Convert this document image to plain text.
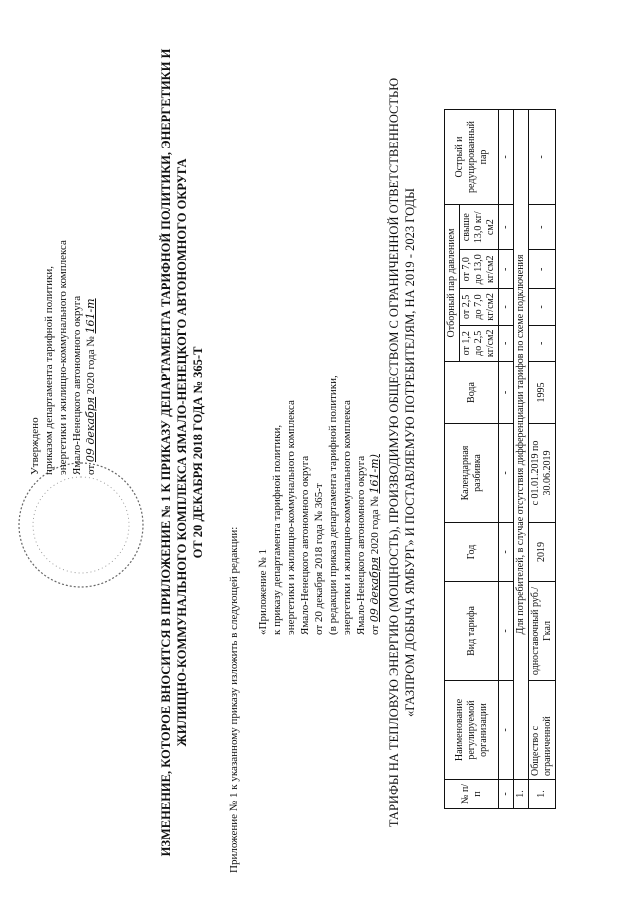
Утверждено приказом департамента тарифной политики, энергетики и жилищно-коммунального комплекса Ямало-Ненецкого автономного округа от 09 декабря 2020 года № 161-т	ИЗМЕНЕНИЕ, КОТОРОЕ ВНОСИТСЯ В ПРИЛОЖЕНИЕ № 1 К ПРИКАЗУ ДЕПАРТАМЕНТА ТАРИФНОЙ ПОЛИТИКИ, ЭНЕРГЕТИКИ И ЖИЛИЩНО-КОММУНАЛЬНОГО КОМПЛЕКСА ЯМАЛО-НЕНЕЦКОГО АВТОНОМНОГО ОКРУГА ОТ 20 ДЕКАБРЯ 2018 ГОДА № 365-Т
Приложение № 1 к указанному приказу изложить в следующей редакции: «Приложение № 1 к приказу департамента тарифной политики, энергетики и жилищно-коммунального комплекса Ямало-Ненецкого автономного округа от 20 декабря 2018 года № 365-т (в редакции приказа департамента тарифной политики, энергетики и жилищно-коммунального комплекса Ямало-Ненецкого автономного округа от 09 декабря 2020 года № 161-т) ТАРИФЫ НА ТЕПЛОВУЮ ЭНЕРГИЮ (МОЩНОСТЬ), ПРОИЗВОДИМУЮ ОБЩЕСТВОМ С ОГРАНИЧЕННОЙ ОТВЕТСТВЕННОСТЬЮ «ГАЗПРОМ ДОБЫЧА ЯМБУРГ» И ПОСТАВЛЯЕМУЮ ПОТРЕБИТЕЛЯМ, НА 2019 - 2023 ГОДЫ
№ п/п	Наименование регулируемой организации	Вид тарифа	Год	Календарная разбивка	Вода	Отборный пар давлением				Острый и редуцированный пар
						от 1,2 до 2,5 кг/см2	от 2,5 до 7,0 кг/см2	от 7,0 до 13,0 кг/см2	свыше 13,0 кг/см2	
-	-	-	-	-	-	-	-	-	-	-
1.	Для потребителей, в случае отсутствия дифференциации тарифов по схеме подключения									
1.	Общество с ограниченной	одноставочный руб./Гкал	2019	с 01.01.2019 по 30.06.2019	1995	-	-	-	-	-
